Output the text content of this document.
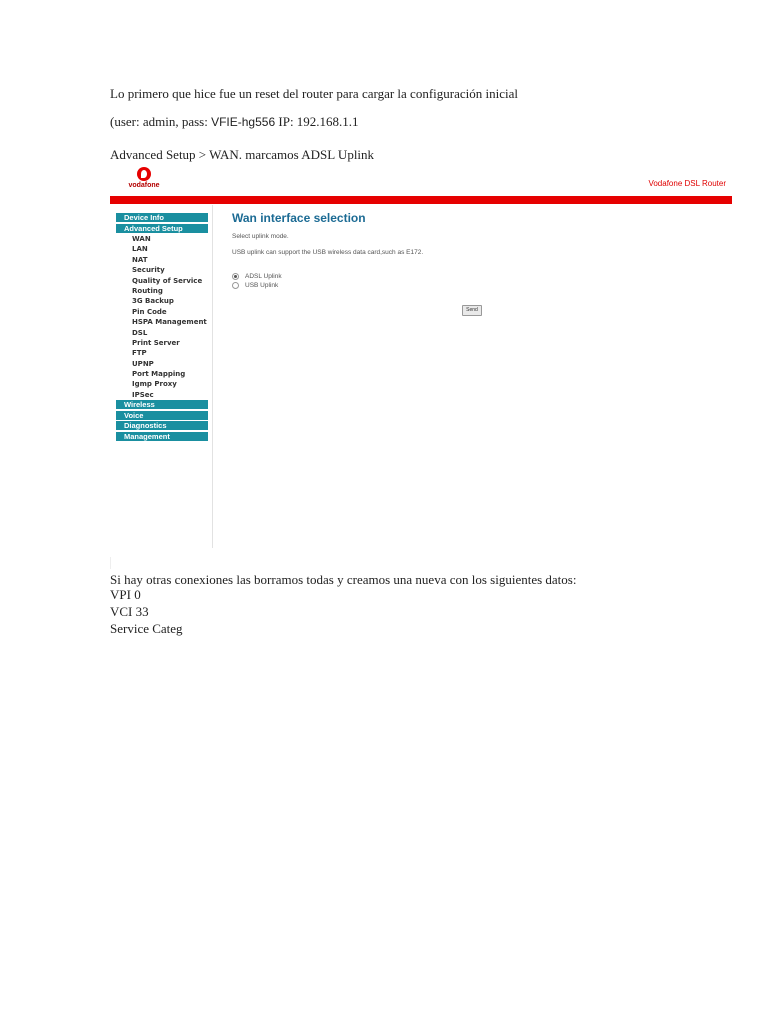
Lo primero que hice fue un reset del router para cargar la configuración inicial
(user: admin, pass: VFIE-hg556 IP: 192.168.1.1
Advanced Setup > WAN. marcamos ADSL Uplink
vodafone	Vodafone DSL Router
Device Info
Advanced Setup
WAN
LAN
NAT
Security
Quality of Service
Routing
3G Backup
Pin Code
HSPA Management
DSL
Print Server
FTP
UPNP
Port Mapping
Igmp Proxy
IPSec
Wireless
Voice
Diagnostics
Management
Wan interface selection
Select uplink mode.
USB uplink can support the USB wireless data card,such as E172.
ADSL Uplink
USB Uplink
Send
Si hay otras conexiones las borramos todas y creamos una nueva con los siguientes datos:
VPI 0
VCI 33
Service Categ
